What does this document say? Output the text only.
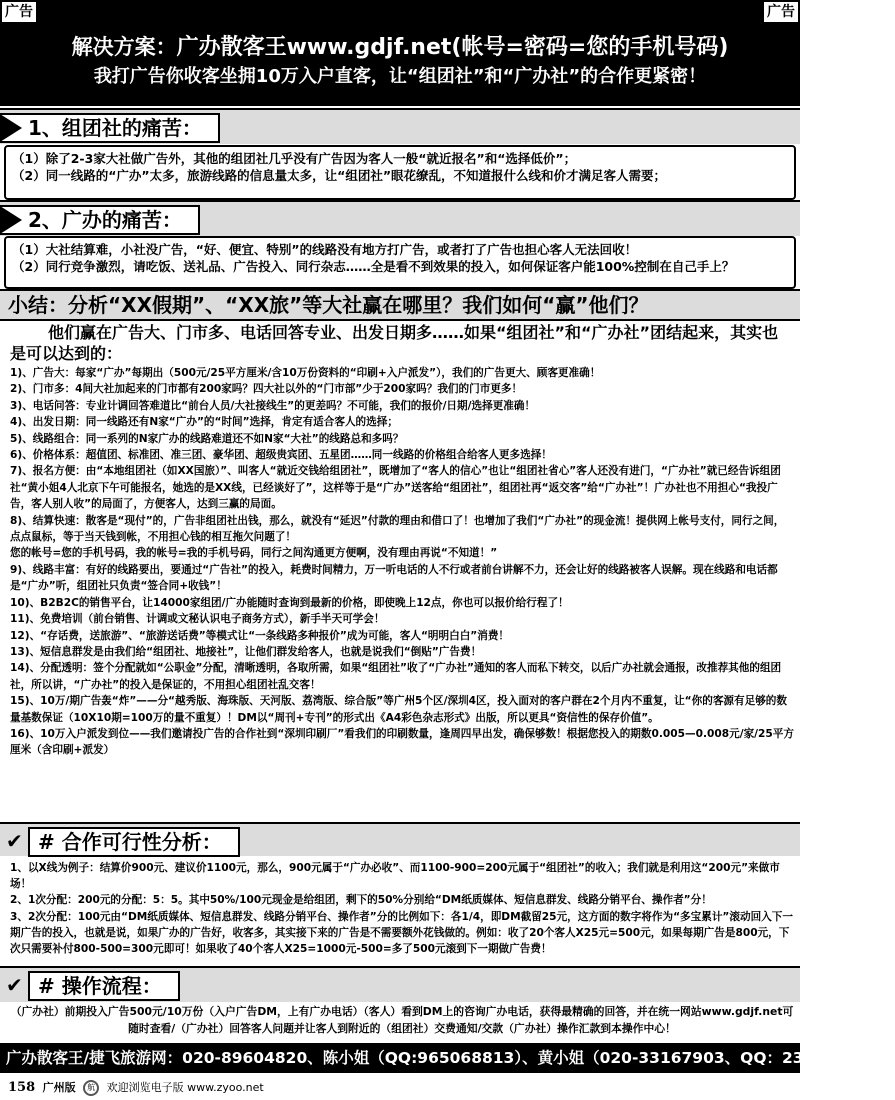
广告	广告
解决方案：广办散客王www.gdjf.net(帐号=密码=您的手机号码)
我打广告你收客坐拥10万入户直客，让“组团社”和“广办社”的合作更紧密！
1、组团社的痛苦：

（1）除了2-3家大社做广告外，其他的组团社几乎没有广告因为客人一般“就近报名”和“选择低价”；

（2）同一线路的“广办”太多，旅游线路的信息量太多，让“组团社”眼花缭乱，不知道报什么线和价才满足客人需要；

2、广办的痛苦：

（1）大社结算难，小社没广告，“好、便宜、特别”的线路没有地方打广告，或者打了广告也担心客人无法回收！

（2）同行竞争激烈，请吃饭、送礼品、广告投入、同行杂志……全是看不到效果的投入，如何保证客户能100%控制在自己手上？

小结：分析“XX假期”、“XX旅”等大社赢在哪里？我们如何“赢”他们？

他们赢在广告大、门市多、电话回答专业、出发日期多……如果“组团社”和“广办社”团结起来，其实也是可以达到的：

1)、广告大：每家“广办”每期出（500元/25平方厘米/含10万份资料的“印刷+入户派发”），我们的广告更大、顾客更准确！
2)、门市多：4间大社加起来的门市都有200家吗？四大社以外的“门市部”少于200家吗？我们的门市更多！
3)、电话问答：专业计调回答难道比“前台人员/大社接线生”的更差吗？不可能，我们的报价/日期/选择更准确！
4)、出发日期：同一线路还有N家“广办”的“时间”选择，肯定有适合客人的选择；
5)、线路组合：同一系列的N家广办的线路难道还不如N家“大社”的线路总和多吗？
6)、价格体系：超值团、标准团、准三团、豪华团、超级贵宾团、五星团……同一线路的价格组合给客人更多选择！
7)、报名方便：由“本地组团社（如XX国旅）”、叫客人“就近交钱给组团社”，既增加了“客人的信心”也让“组团社省心”客人还没有进门，“广办社”就已经告诉组团社“黄小姐4人北京下午可能报名，她选的是XX线，已经谈好了”，这样等于是“广办”送客给“组团社”，组团社再“返交客”给“广办社”！广办社也不用担心“我投广告，客人别人收”的局面了，方便客人，达到三赢的局面。
8)、结算快速：散客是“现付”的，广告非组团社出钱，那么，就没有“延迟”付款的理由和借口了！也增加了我们“广办社”的现金流！提供网上帐号支付，同行之间，点点鼠标，等于当天钱到帐，不用担心钱的相互拖欠问题了！
您的帐号=您的手机号码，我的帐号=我的手机号码，同行之间沟通更方便啊，没有理由再说“不知道！”
9)、线路丰富：有好的线路要出，要通过“广告社”的投入，耗费时间精力，万一听电话的人不行或者前台讲解不力，还会让好的线路被客人误解。现在线路和电话都是“广办”听，组团社只负责“签合同+收钱”！
10)、B2B2C的销售平台，让14000家组团/广办能随时查询到最新的价格，即使晚上12点，你也可以报价给行程了！
11)、免费培训（前台销售、计调或文秘认识电子商务方式），新手半天可学会！
12)、“存话费，送旅游”、“旅游送话费”等模式让“一条线路多种报价”成为可能，客人“明明白白”消费！
13)、短信息群发是由我们给“组团社、地接社”，让他们群发给客人，也就是说我们“倒贴”广告费！
14)、分配透明：签个分配就如“公职金”分配，清晰透明，各取所需，如果“组团社”收了“广办社”通知的客人而私下转交，以后广办社就会通报，改推荐其他的组团社，所以讲，“广办社”的投入是保证的，不用担心组团社乱交客！
15)、10万/期广告轰“炸”——分“越秀版、海珠版、天河版、荔湾版、综合版”等广州5个区/深圳4区，投入面对的客户群在2个月内不重复，让“你的客源有足够的数量基数保证（10X10期=100万的量不重复）！DM以“周刊+专刊”的形式出《A4彩色杂志形式》出版，所以更具“资信性的保存价值”。
16)、10万入户派发到位——我们邀请投广告的合作社到“深圳印刷厂”看我们的印刷数量，逢周四早出发，确保够数！根据您投入的期数0.005—0.008元/家/25平方厘米（含印刷+派发）
✔ # 合作可行性分析：
1、以X线为例子：结算价900元、建议价1100元，那么，900元属于“广办必收”、而1100-900=200元属于“组团社”的收入；我们就是利用这“200元”来做市场！
2、1次分配：200元的分配：5：5。其中50%/100元现金是给组团，剩下的50%分别给“DM纸质媒体、短信息群发、线路分销平台、操作者”分！
3、2次分配：100元由“DM纸质媒体、短信息群发、线路分销平台、操作者”分的比例如下：各1/4，即DM截留25元，这方面的数字将作为“多宝累计”滚动回入下一期广告的投入，也就是说，如果广办的广告好，收客多，其实接下来的广告是不需要额外花钱做的。例如：收了20个客人X25元=500元，如果每期广告是800元，下次只需要补付800-500=300元即可！如果收了40个客人X25=1000元-500=多了500元滚到下一期做广告费！
✔ # 操作流程：
（广办社）前期投入广告500元/10万份（入户广告DM，上有广办电话）（客人）看到DM上的咨询广办电话，获得最精确的回答，并在统一网站www.gdjf.net可随时查看/（广办社）回答客人问题并让客人到附近的（组团社）交费通知/交款（广办社）操作汇款到本操作中心！
广办散客王/捷飞旅游网：020-89604820、陈小姐（QQ:965068813）、黄小姐（020-33167903、QQ：237643502）
158 广州版 航 欢迎浏览电子版 www.zyoo.net
